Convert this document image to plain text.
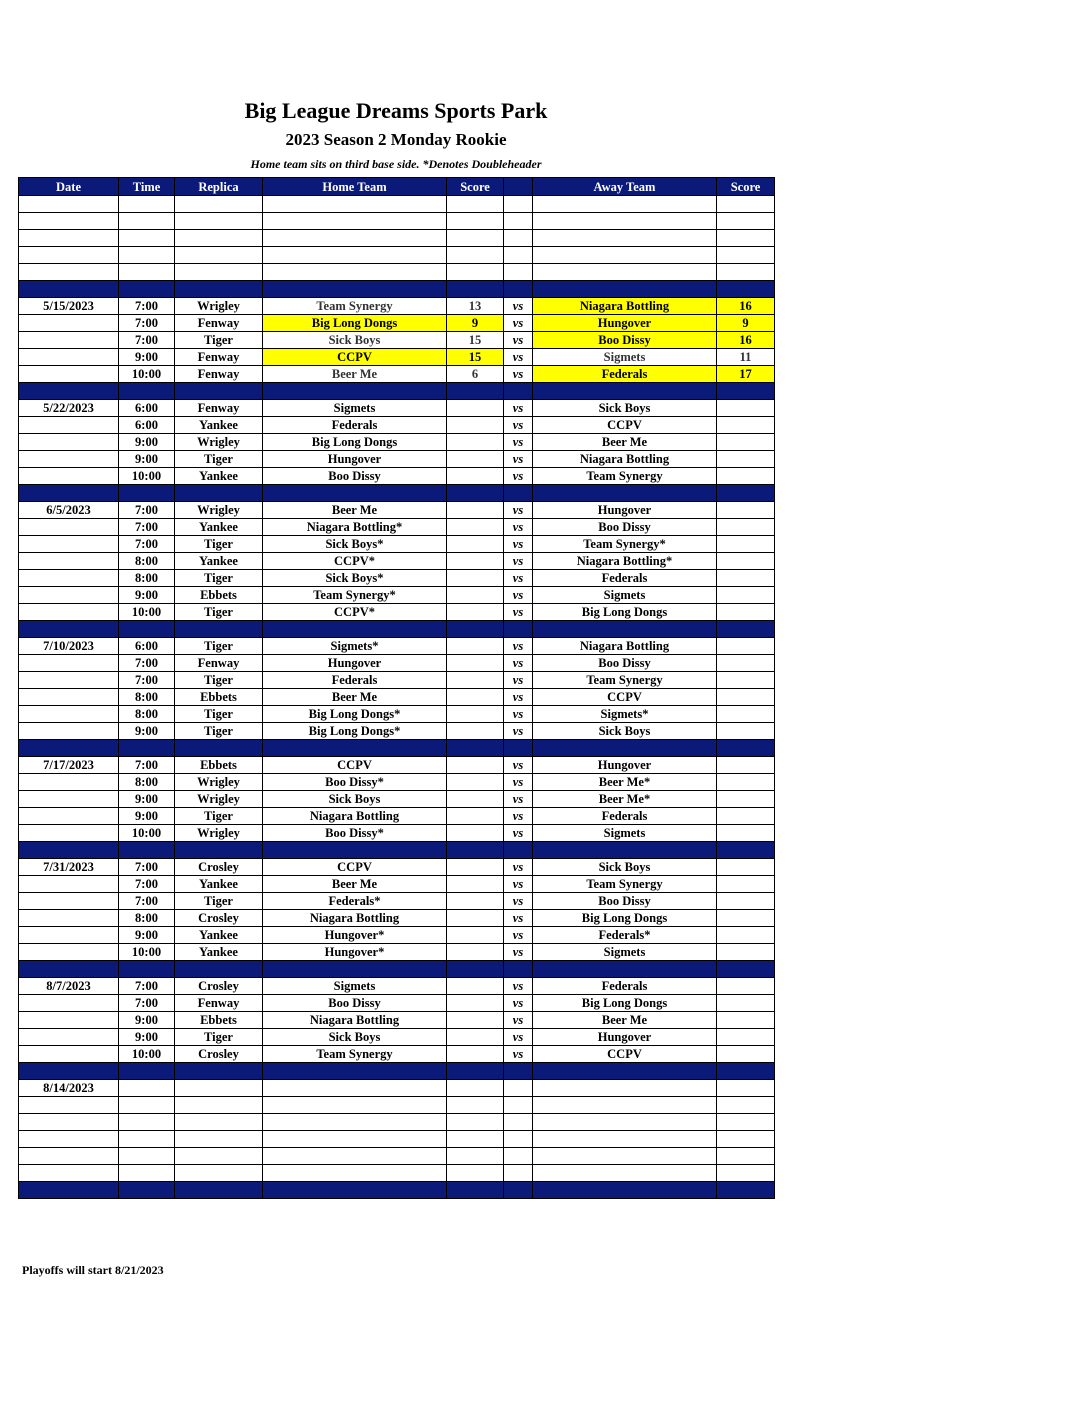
Big League Dreams Sports Park
2023 Season 2 Monday Rookie
Home team sits on third base side. *Denotes Doubleheader
Date	Time	Replica	Home Team	Score		Away Team	Score

5/15/2023	7:00	Wrigley	Team Synergy	13	vs	Niagara Bottling	16
	7:00	Fenway	Big Long Dongs	9	vs	Hungover	9
	7:00	Tiger	Sick Boys	15	vs	Boo Dissy	16
	9:00	Fenway	CCPV	15	vs	Sigmets	11
	10:00	Fenway	Beer Me	6	vs	Federals	17

5/22/2023	6:00	Fenway	Sigmets		vs	Sick Boys	
	6:00	Yankee	Federals		vs	CCPV	
	9:00	Wrigley	Big Long Dongs		vs	Beer Me	
	9:00	Tiger	Hungover		vs	Niagara Bottling	
	10:00	Yankee	Boo Dissy		vs	Team Synergy	

6/5/2023	7:00	Wrigley	Beer Me		vs	Hungover	
	7:00	Yankee	Niagara Bottling*		vs	Boo Dissy	
	7:00	Tiger	Sick Boys*		vs	Team Synergy*	
	8:00	Yankee	CCPV*		vs	Niagara Bottling*	
	8:00	Tiger	Sick Boys*		vs	Federals	
	9:00	Ebbets	Team Synergy*		vs	Sigmets	
	10:00	Tiger	CCPV*		vs	Big Long Dongs	

7/10/2023	6:00	Tiger	Sigmets*		vs	Niagara Bottling	
	7:00	Fenway	Hungover		vs	Boo Dissy	
	7:00	Tiger	Federals		vs	Team Synergy	
	8:00	Ebbets	Beer Me		vs	CCPV	
	8:00	Tiger	Big Long Dongs*		vs	Sigmets*	
	9:00	Tiger	Big Long Dongs*		vs	Sick Boys	

7/17/2023	7:00	Ebbets	CCPV		vs	Hungover	
	8:00	Wrigley	Boo Dissy*		vs	Beer Me*	
	9:00	Wrigley	Sick Boys		vs	Beer Me*	
	9:00	Tiger	Niagara Bottling		vs	Federals	
	10:00	Wrigley	Boo Dissy*		vs	Sigmets	

7/31/2023	7:00	Crosley	CCPV		vs	Sick Boys	
	7:00	Yankee	Beer Me		vs	Team Synergy	
	7:00	Tiger	Federals*		vs	Boo Dissy	
	8:00	Crosley	Niagara Bottling		vs	Big Long Dongs	
	9:00	Yankee	Hungover*		vs	Federals*	
	10:00	Yankee	Hungover*		vs	Sigmets	

8/7/2023	7:00	Crosley	Sigmets		vs	Federals	
	7:00	Fenway	Boo Dissy		vs	Big Long Dongs	
	9:00	Ebbets	Niagara Bottling		vs	Beer Me	
	9:00	Tiger	Sick Boys		vs	Hungover	
	10:00	Crosley	Team Synergy		vs	CCPV	

8/14/2023							

Playoffs will start 8/21/2023
